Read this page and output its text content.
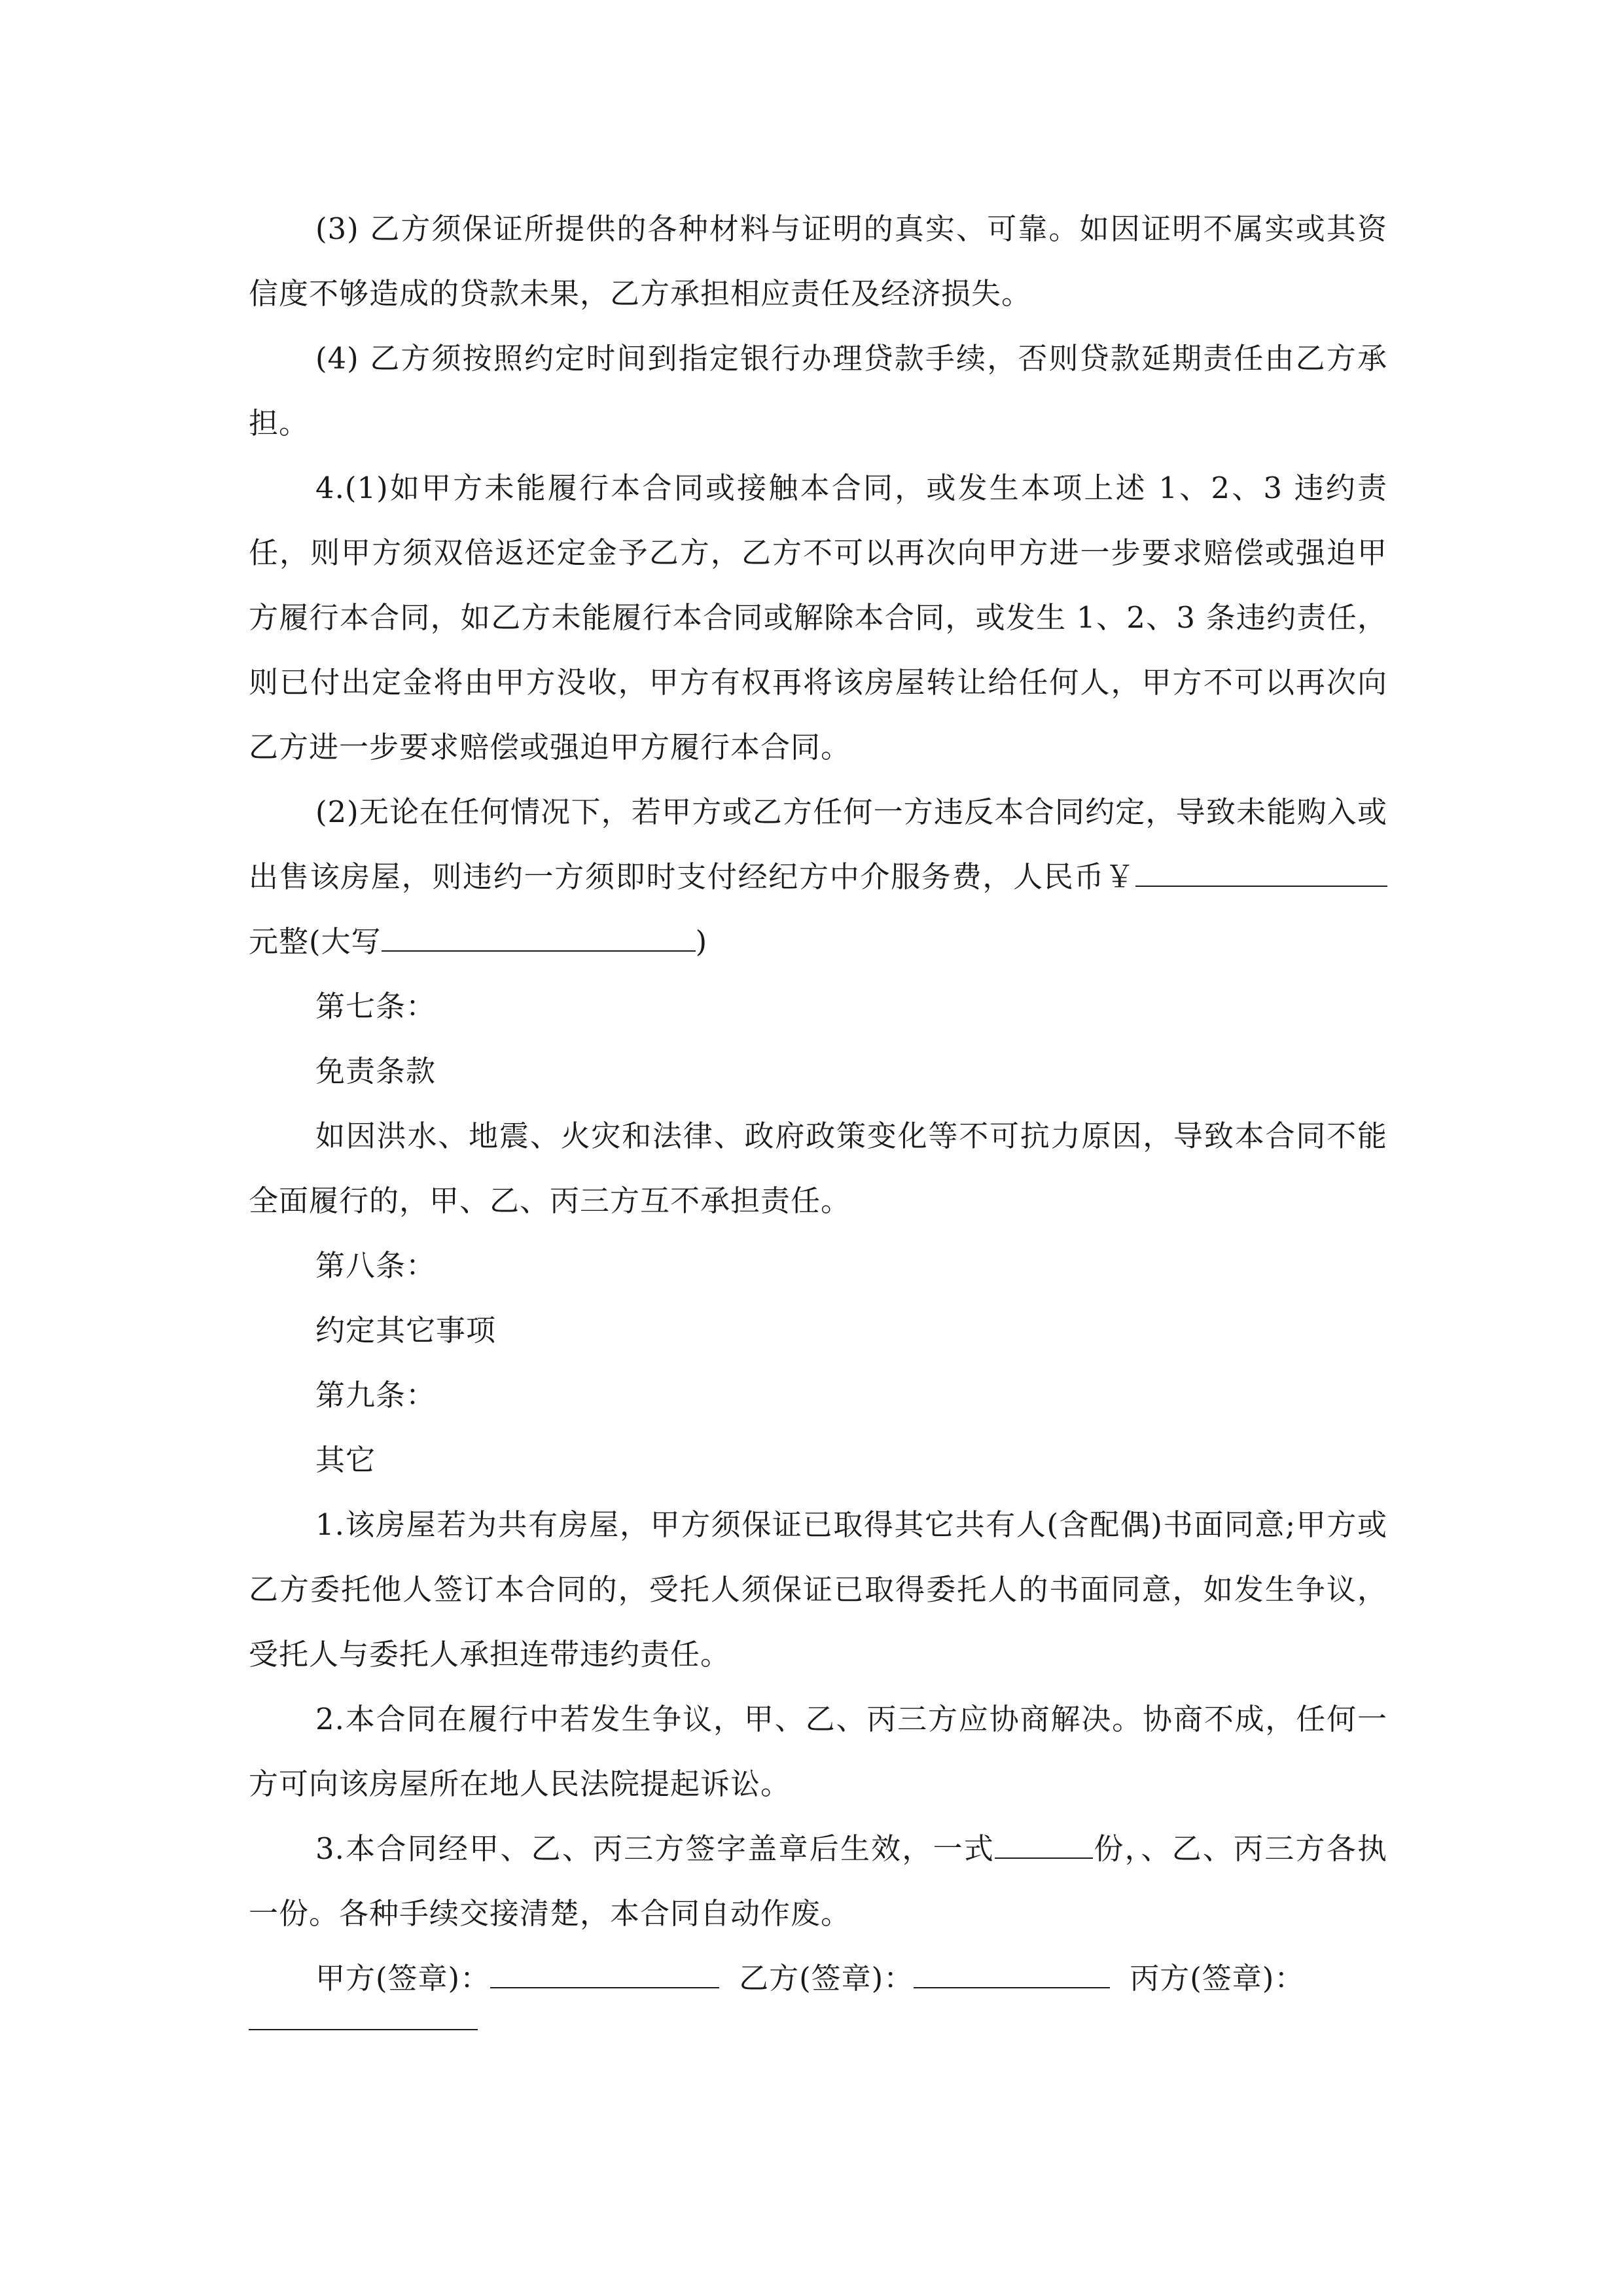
(3) 乙方须保证所提供的各种材料与证明的真实、可靠。如因证明不属实或其资信度不够造成的贷款未果，乙方承担相应责任及经济损失。

(4) 乙方须按照约定时间到指定银行办理贷款手续，否则贷款延期责任由乙方承担。

4.(1)如甲方未能履行本合同或接触本合同，或发生本项上述 1、2、3 违约责任，则甲方须双倍返还定金予乙方，乙方不可以再次向甲方进一步要求赔偿或强迫甲方履行本合同，如乙方未能履行本合同或解除本合同，或发生 1、2、3 条违约责任，则已付出定金将由甲方没收，甲方有权再将该房屋转让给任何人，甲方不可以再次向乙方进一步要求赔偿或强迫甲方履行本合同。

(2)无论在任何情况下，若甲方或乙方任何一方违反本合同约定，导致未能购入或出售该房屋，则违约一方须即时支付经纪方中介服务费，人民币￥元整(大写	)

第七条：

免责条款

如因洪水、地震、火灾和法律、政府政策变化等不可抗力原因，导致本合同不能全面履行的，甲、乙、丙三方互不承担责任。

第八条：

约定其它事项

第九条：

其它

1.该房屋若为共有房屋，甲方须保证已取得其它共有人(含配偶)书面同意;甲方或乙方委托他人签订本合同的，受托人须保证已取得委托人的书面同意，如发生争议，受托人与委托人承担连带违约责任。

2.本合同在履行中若发生争议，甲、乙、丙三方应协商解决。协商不成，任何一方可向该房屋所在地人民法院提起诉讼。

3.本合同经甲、乙、丙三方签字盖章后生效，一式	份，、乙、丙三方各执一份。各种手续交接清楚，本合同自动作废。

甲方(签章)：	乙方(签章)：	丙方(签章)：
